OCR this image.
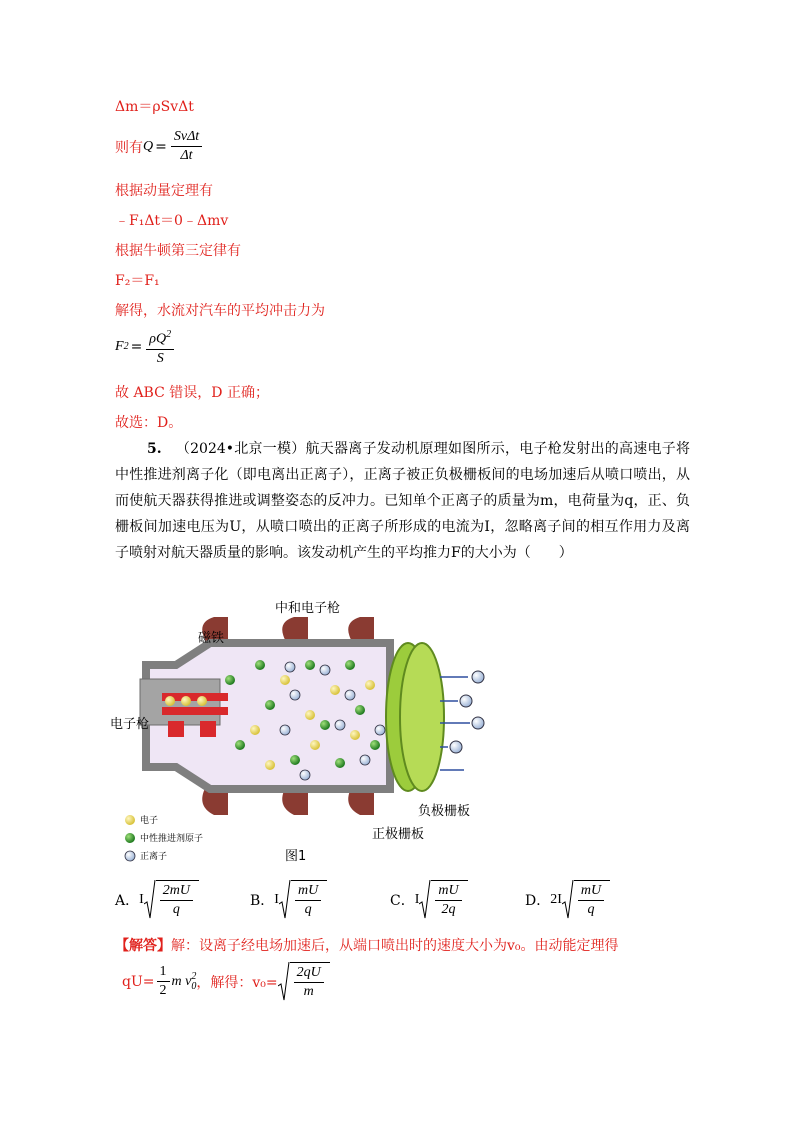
Δm＝ρSvΔt
则有 $Q = \frac{\text{SvΔt}}{\Delta t}$
根据动量定理有
﹣F₁Δt＝0﹣Δmv
根据牛顿第三定律有
F₂＝F₁
解得，水流对汽车的平均冲击力为
F $2 = \frac{\rho Q^2}{S}$
故 ABC 错误，D 正确；
故选：D。
5. （2024•北京一模）航天器离子发动机原理如图所示，电子枪发射出的高速电子将中性推进剂离子化（即电离出正离子），正离子被正负极栅板间的电场加速后从喷口喷出，从而使航天器获得推进或调整姿态的反冲力。已知单个正离子的质量为m，电荷量为q，正、负栅板间加速电压为U，从喷口喷出的正离子所形成的电流为I，忽略离子间的相互作用力及离子喷射对航天器质量的影响。该发动机产生的平均推力F的大小为（　　）
中和电子枪
磁铁
电子枪
负极栅板
正极栅板
电子
中性推进剂原子
正离子	图1
A． I $\frac{2mU}{q}$	B． I $\frac{mU}{q}$	C． I $\frac{mU}{2q}$	D． $2I \frac{mU}{q}$
【解答】解：设离子经电场加速后，从端口喷出时的速度大小为v₀。由动能定理得
$qU= \frac{1}{2}$ m v 2
0 ，解得：$v_0= \frac{2qU}{m}$
